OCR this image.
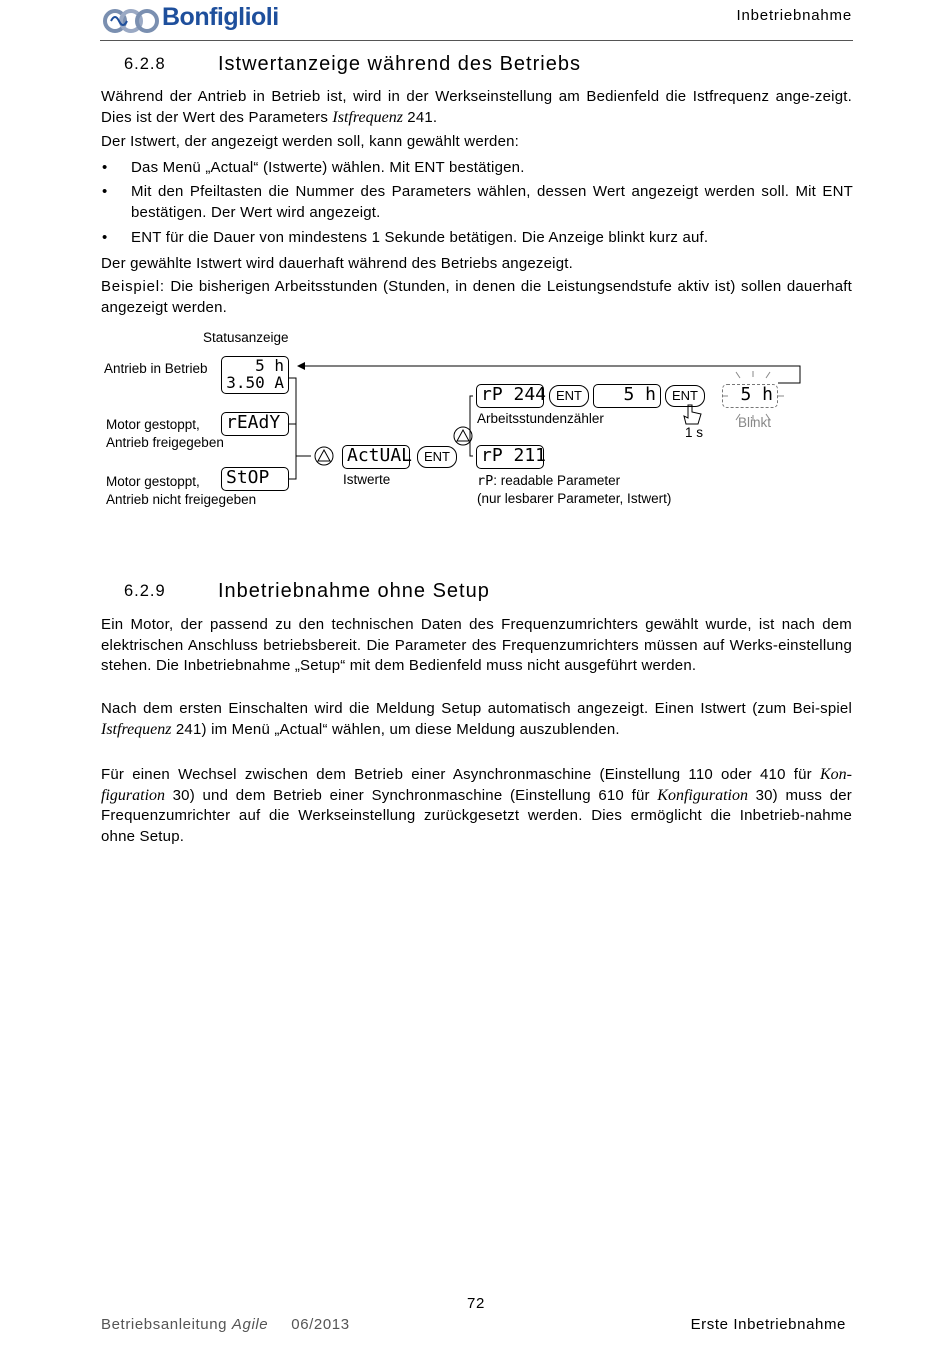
Bonfiglioli	Inbetriebnahme
6.2.8	Istwertanzeige während des Betriebs

Während der Antrieb in Betrieb ist, wird in der Werkseinstellung am Bedienfeld die Istfrequenz ange-zeigt. Dies ist der Wert des Parameters Istfrequenz 241.

Der Istwert, der angezeigt werden soll, kann gewählt werden:

• Das Menü „Actual“ (Istwerte) wählen. Mit ENT bestätigen.

• Mit den Pfeiltasten die Nummer des Parameters wählen, dessen Wert angezeigt werden soll. Mit ENT bestätigen. Der Wert wird angezeigt.

• ENT für die Dauer von mindestens 1 Sekunde betätigen. Die Anzeige blinkt kurz auf.

Der gewählte Istwert wird dauerhaft während des Betriebs angezeigt.

Beispiel: Die bisherigen Arbeitsstunden (Stunden, in denen die Leistungsendstufe aktiv ist) sollen dauerhaft angezeigt werden.

Statusanzeige
Antrieb in Betrieb	5 h
3.50 A
Motor gestoppt,
Antrieb freigegeben
rEAdY
Motor gestoppt,
Antrieb nicht freigegeben
StOP
ActUAL
Istwerte
ENT	rP 211
rP 244
Arbeitsstundenzähler
ENT	5 h	ENT
1 s
5 h
Blinkt
rP: readable Parameter
(nur lesbarer Parameter, Istwert)
6.2.9	Inbetriebnahme ohne Setup

Ein Motor, der passend zu den technischen Daten des Frequenzumrichters gewählt wurde, ist nach dem elektrischen Anschluss betriebsbereit. Die Parameter des Frequenzumrichters müssen auf Werks-einstellung stehen. Die Inbetriebnahme „Setup“ mit dem Bedienfeld muss nicht ausgeführt werden.

Nach dem ersten Einschalten wird die Meldung Setup automatisch angezeigt. Einen Istwert (zum Bei-spiel Istfrequenz 241) im Menü „Actual“ wählen, um diese Meldung auszublenden.

Für einen Wechsel zwischen dem Betrieb einer Asynchronmaschine (Einstellung 110 oder 410 für Kon-figuration 30) und dem Betrieb einer Synchronmaschine (Einstellung 610 für Konfiguration 30) muss der Frequenzumrichter auf die Werkseinstellung zurückgesetzt werden. Dies ermöglicht die Inbetrieb-nahme ohne Setup.

72
Betriebsanleitung Agile 06/2013	Erste Inbetriebnahme
